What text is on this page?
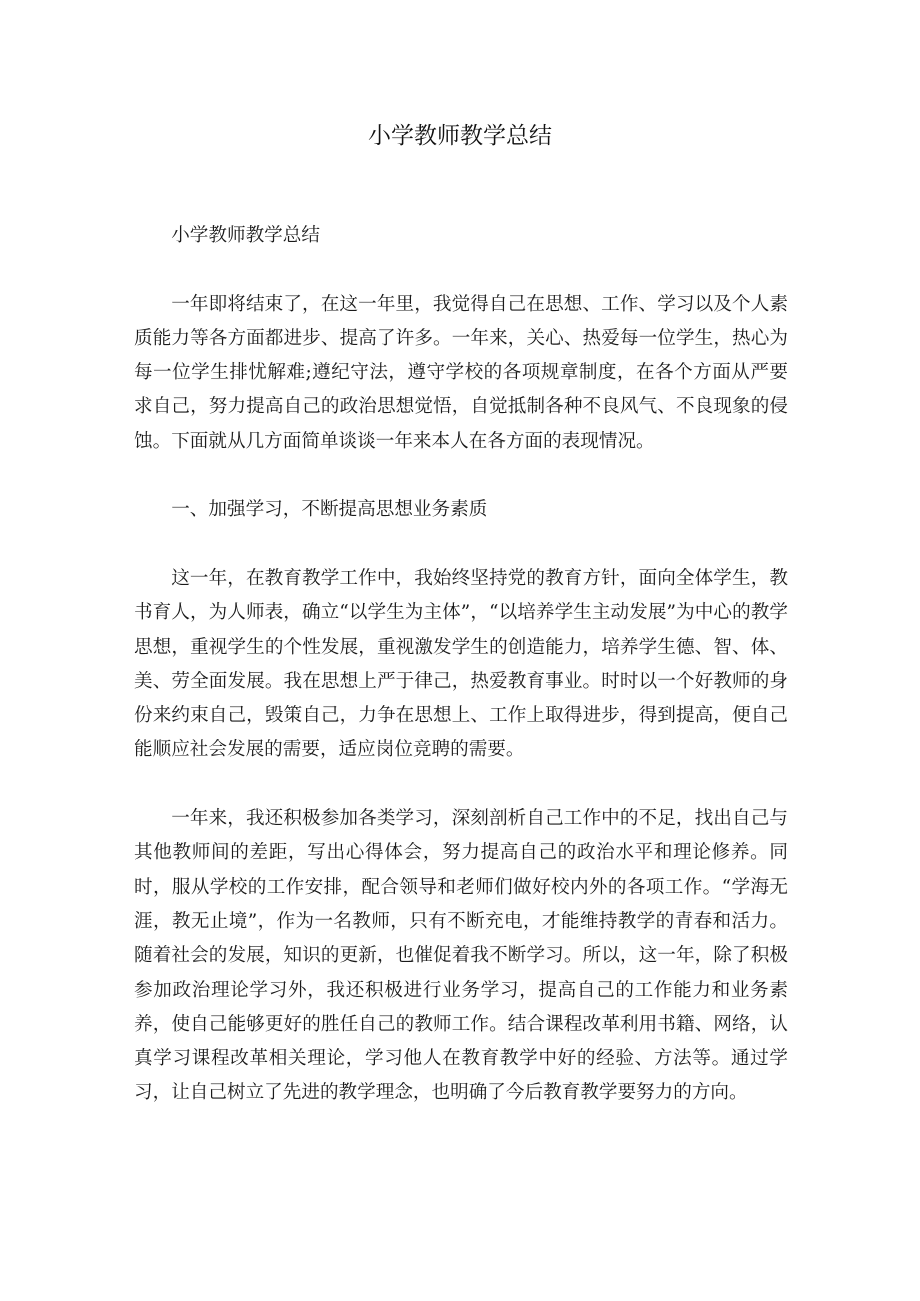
小学教师教学总结

小学教师教学总结

一年即将结束了，在这一年里，我觉得自己在思想、工作、学习以及个人素质能力等各方面都进步、提高了许多。一年来，关心、热爱每一位学生，热心为每一位学生排忧解难;遵纪守法，遵守学校的各项规章制度，在各个方面从严要求自己，努力提高自己的政治思想觉悟，自觉抵制各种不良风气、不良现象的侵蚀。下面就从几方面简单谈谈一年来本人在各方面的表现情况。

一、加强学习，不断提高思想业务素质

这一年，在教育教学工作中，我始终坚持党的教育方针，面向全体学生，教书育人，为人师表，确立“以学生为主体”，“以培养学生主动发展”为中心的教学思想，重视学生的个性发展，重视激发学生的创造能力，培养学生德、智、体、美、劳全面发展。我在思想上严于律己，热爱教育事业。时时以一个好教师的身份来约束自己，毁策自己，力争在思想上、工作上取得进步，得到提高，便自己能顺应社会发展的需要，适应岗位竞聘的需要。

一年来，我还积极参加各类学习，深刻剖析自己工作中的不足，找出自己与其他教师间的差距，写出心得体会，努力提高自己的政治水平和理论修养。同时，服从学校的工作安排，配合领导和老师们做好校内外的各项工作。“学海无涯，教无止境”，作为一名教师，只有不断充电，才能维持教学的青春和活力。随着社会的发展，知识的更新，也催促着我不断学习。所以，这一年，除了积极参加政治理论学习外，我还积极进行业务学习，提高自己的工作能力和业务素养，使自己能够更好的胜任自己的教师工作。结合课程改革利用书籍、网络，认真学习课程改革相关理论，学习他人在教育教学中好的经验、方法等。通过学习，让自己树立了先进的教学理念，也明确了今后教育教学要努力的方向。
